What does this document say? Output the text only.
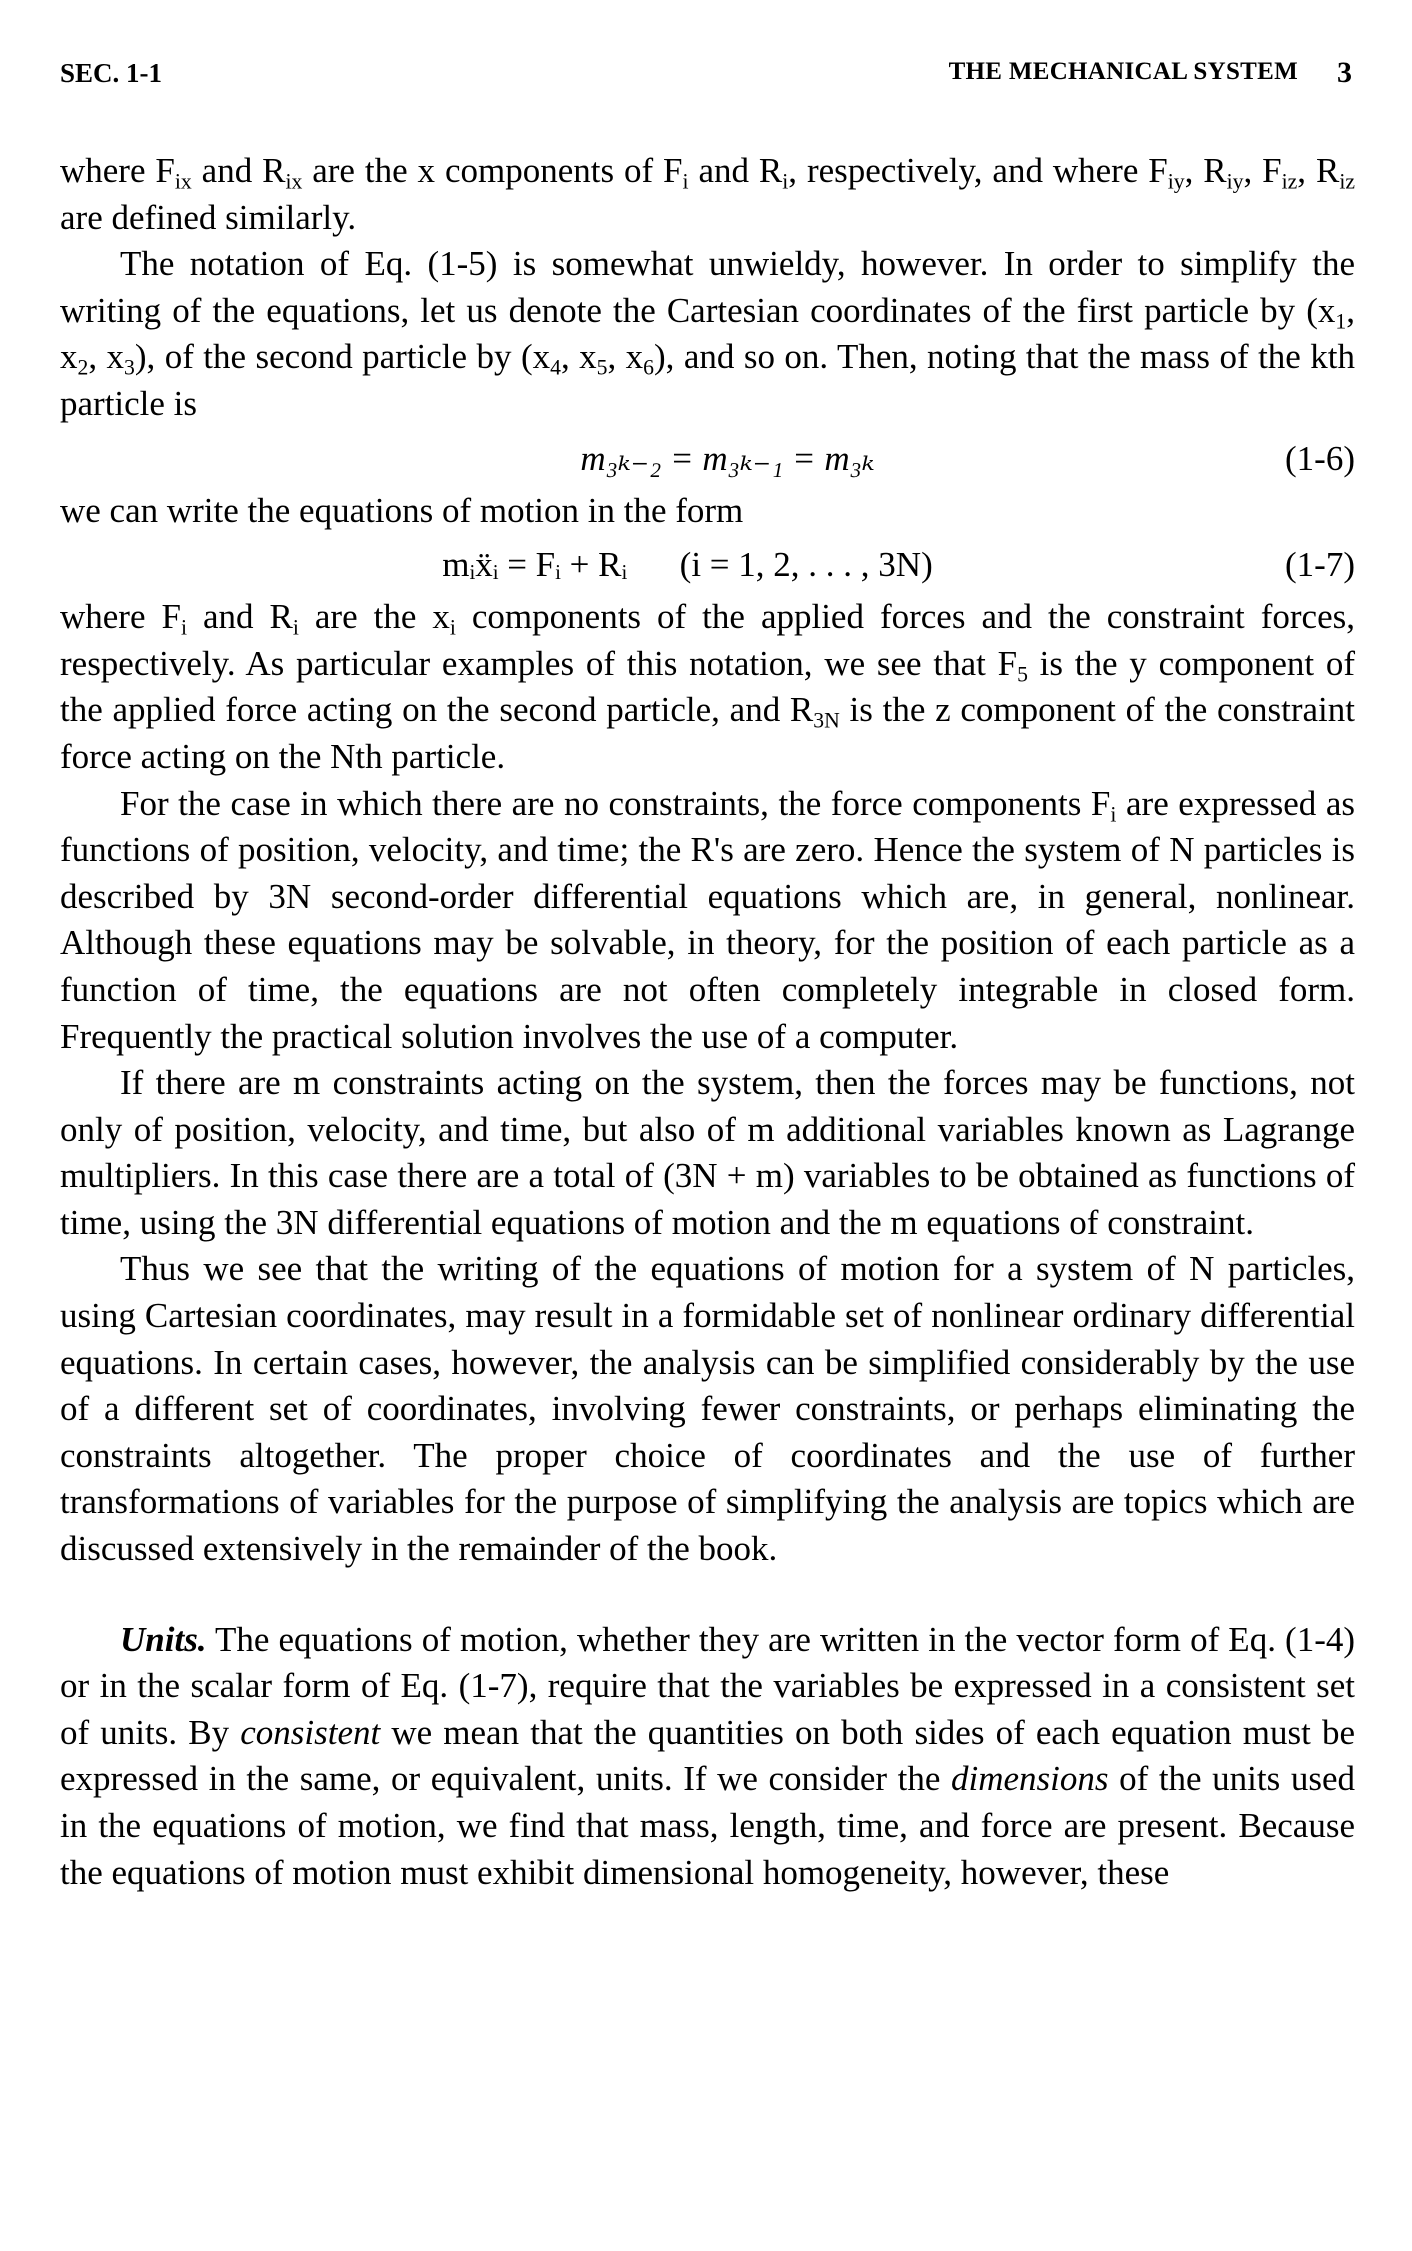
SEC. 1-1	THE MECHANICAL SYSTEM 3

where $F_{ix}$ and $R_{ix}$ are the x components of $F_i$ and $R_i$, respectively, and where $F_{iy}$, $R_{iy}$, $F_{iz}$, $R_{iz}$ are defined similarly.

The notation of Eq. (1-5) is somewhat unwieldy, however. In order to simplify the writing of the equations, let us denote the Cartesian coordinates of the first particle by ($x_1$, $x_2$, $x_3$), of the second particle by ($x_4$, $x_5$, $x_6$), and so on. Then, noting that the mass of the kth particle is

m₃ₖ₋₂ = m₃ₖ₋₁ = m₃ₖ	(1-6)

we can write the equations of motion in the form

mᵢẍᵢ = Fᵢ + Rᵢ      (i = 1, 2, . . . , 3N)	(1-7)

where $F_i$ and $R_i$ are the $x_i$ components of the applied forces and the constraint forces, respectively. As particular examples of this notation, we see that $F_5$ is the y component of the applied force acting on the second particle, and $R_{3N}$ is the z component of the constraint force acting on the Nth particle.

For the case in which there are no constraints, the force components $F_i$ are expressed as functions of position, velocity, and time; the R's are zero. Hence the system of N particles is described by 3N second-order differential equations which are, in general, nonlinear. Although these equations may be solvable, in theory, for the position of each particle as a function of time, the equations are not often completely integrable in closed form. Frequently the practical solution involves the use of a computer.

If there are m constraints acting on the system, then the forces may be functions, not only of position, velocity, and time, but also of m additional variables known as Lagrange multipliers. In this case there are a total of (3N + m) variables to be obtained as functions of time, using the 3N differential equations of motion and the m equations of constraint.

Thus we see that the writing of the equations of motion for a system of N particles, using Cartesian coordinates, may result in a formidable set of nonlinear ordinary differential equations. In certain cases, however, the analysis can be simplified considerably by the use of a different set of coordinates, involving fewer constraints, or perhaps eliminating the constraints altogether. The proper choice of coordinates and the use of further transformations of variables for the purpose of simplifying the analysis are topics which are discussed extensively in the remainder of the book.

Units. The equations of motion, whether they are written in the vector form of Eq. (1-4) or in the scalar form of Eq. (1-7), require that the variables be expressed in a consistent set of units. By consistent we mean that the quantities on both sides of each equation must be expressed in the same, or equivalent, units. If we consider the dimensions of the units used in the equations of motion, we find that mass, length, time, and force are present. Because the equations of motion must exhibit dimensional homogeneity, however, these
